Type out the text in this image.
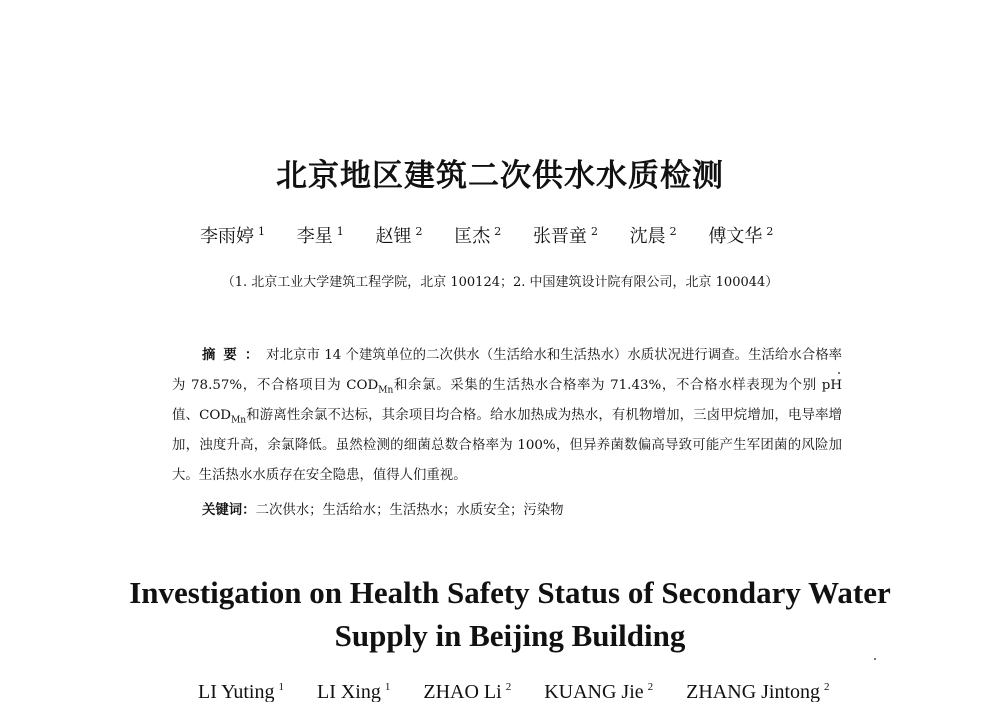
北京地区建筑二次供水水质检测
李雨婷 $^1$ 李星 $^1$ 赵锂 $^2$ 匡杰 $^2$ 张晋童 $^2$ 沈晨 $^2$ 傅文华 $^2$
（1. 北京工业大学建筑工程学院，北京 100124；2. 中国建筑设计院有限公司，北京 100044）
摘要：对北京市 14 个建筑单位的二次供水（生活给水和生活热水）水质状况进行调查。生活给水合格率为 78.57%，不合格项目为 $COD_{Mn}$和余氯。采集的生活热水合格率为 71.43%，不合格水样表现为个别 pH 值、$COD_{Mn}$和游离性余氯不达标，其余项目均合格。给水加热成为热水，有机物增加，三卤甲烷增加，电导率增加，浊度升高，余氯降低。虽然检测的细菌总数合格率为 100%，但异养菌数偏高导致可能产生军团菌的风险加大。生活热水水质存在安全隐患，值得人们重视。
关键词：二次供水；生活给水；生活热水；水质安全；污染物
Investigation on Health Safety Status of Secondary Water Supply in Beijing Building
LI Yuting $^1$ LI Xing $^1$ ZHAO Li $^2$ KUANG Jie $^2$ ZHANG Jintong $^2$
